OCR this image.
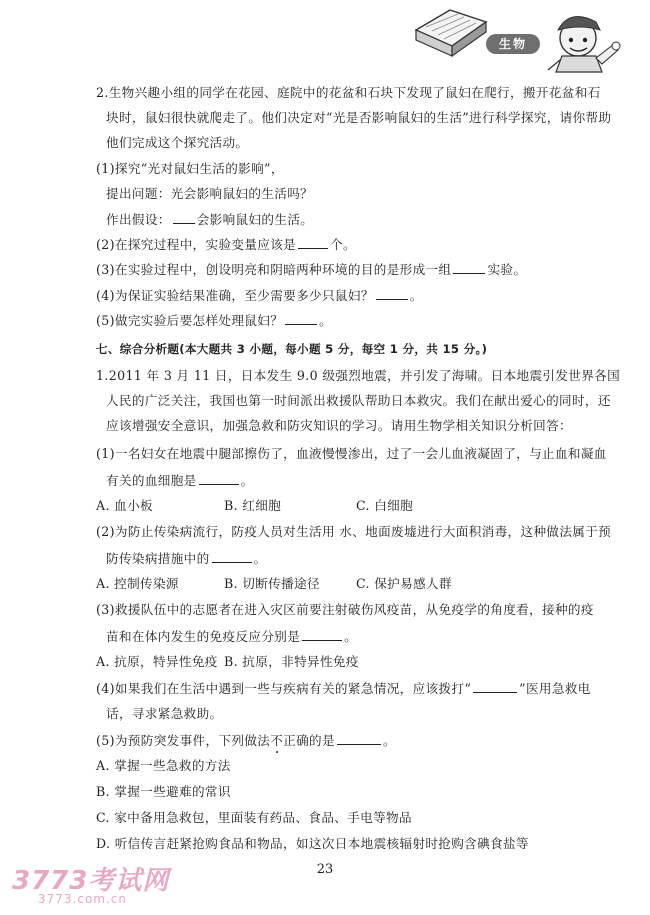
生物
2.生物兴趣小组的同学在花园、庭院中的花盆和石块下发现了鼠妇在爬行，搬开花盆和石
块时，鼠妇很快就爬走了。他们决定对“光是否影响鼠妇的生活”进行科学探究，请你帮助
他们完成这个探究活动。
(1)探究“光对鼠妇生活的影响”，
提出问题：光会影响鼠妇的生活吗？
作出假设： 会影响鼠妇的生活。
(2)在探究过程中，实验变量应该是	个。
(3)在实验过程中，创设明亮和阴暗两种环境的目的是形成一组	实验。
(4)为保证实验结果准确，至少需要多少只鼠妇？	。
(5)做完实验后要怎样处理鼠妇？	。
七、综合分析题(本大题共 3 小题，每小题 5 分，每空 1 分，共 15 分。)
1.2011 年 3 月 11 日，日本发生 9.0 级强烈地震，并引发了海啸。日本地震引发世界各国
人民的广泛关注，我国也第一时间派出救援队帮助日本救灾。我们在献出爱心的同时，还
应该增强安全意识，加强急救和防灾知识的学习。请用生物学相关知识分析回答：
(1)一名妇女在地震中腿部擦伤了，血液慢慢渗出，过了一会儿血液凝固了，与止血和凝血
有关的血细胞是	。
A. 血小板	B. 红细胞	C. 白细胞
(2)为防止传染病流行，防疫人员对生活用 水、地面废墟进行大面积消毒，这种做法属于预
防传染病措施中的	。
A. 控制传染源	B. 切断传播途径	C. 保护易感人群
(3)救援队伍中的志愿者在进入灾区前要注射破伤风疫苗，从免疫学的角度看，接种的疫
苗和在体内发生的免疫反应分别是	。
A. 抗原，特异性免疫 B. 抗原，非特异性免疫
(4)如果我们在生活中遇到一些与疾病有关的紧急情况，应该拨打“	”医用急救电
话，寻求紧急救助。
(5)为预防突发事件，下列做法不正确的是	。
A. 掌握一些急救的方法
B. 掌握一些避难的常识
C. 家中备用急救包，里面装有药品、食品、手电等物品
D. 听信传言赶紧抢购食品和物品，如这次日本地震核辐射时抢购含碘食盐等
23
3773考试网
3773.com.cn
